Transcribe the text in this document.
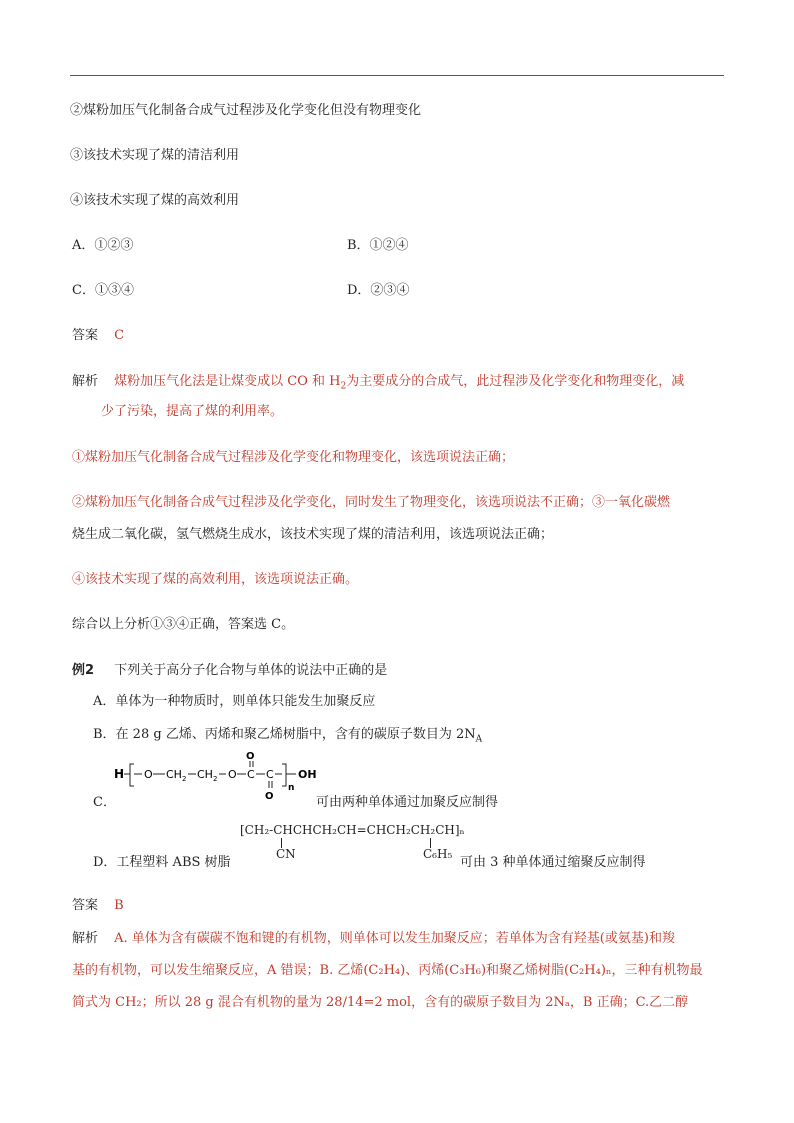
②煤粉加压气化制备合成气过程涉及化学变化但没有物理变化
③该技术实现了煤的清洁利用
④该技术实现了煤的高效利用
A．①②③	B．①②④
C．①③④	D．②③④
答案 C
解析 煤粉加压气化法是让煤变成以 CO 和 $H_2$为主要成分的合成气，此过程涉及化学变化和物理变化，减
少了污染，提高了煤的利用率。
①煤粉加压气化制备合成气过程涉及化学变化和物理变化，该选项说法正确；
②煤粉加压气化制备合成气过程涉及化学变化，同时发生了物理变化，该选项说法不正确；③一氧化碳燃
烧生成二氧化碳，氢气燃烧生成水，该技术实现了煤的清洁利用，该选项说法正确；
④该技术实现了煤的高效利用，该选项说法正确。
综合以上分析①③④正确，答案选 C。
例2 下列关于高分子化合物与单体的说法中正确的是
A．单体为一种物质时，则单体只能发生加聚反应
B．在 28 g 乙烯、丙烯和聚乙烯树脂中，含有的碳原子数目为 $2N_A$
H O CH 2 CH 2 O C
O
C
O
n
OH
C．	可由两种单体通过加聚反应制得
[CH₂-CHCHCH₂CH=CHCH₂CH₂CH]ₙ
CN	C₆H₅
D．工程塑料 ABS 树脂	可由 3 种单体通过缩聚反应制得
答案 B
解析 A. 单体为含有碳碳不饱和键的有机物，则单体可以发生加聚反应；若单体为含有羟基(或氨基)和羧
基的有机物，可以发生缩聚反应，A 错误；B. 乙烯(C₂H₄)、丙烯(C₃H₆)和聚乙烯树脂(C₂H₄)ₙ，三种有机物最
简式为 CH₂；所以 28 g 混合有机物的量为 28/14=2 mol，含有的碳原子数目为 2Nₐ，B 正确；C.乙二醇
